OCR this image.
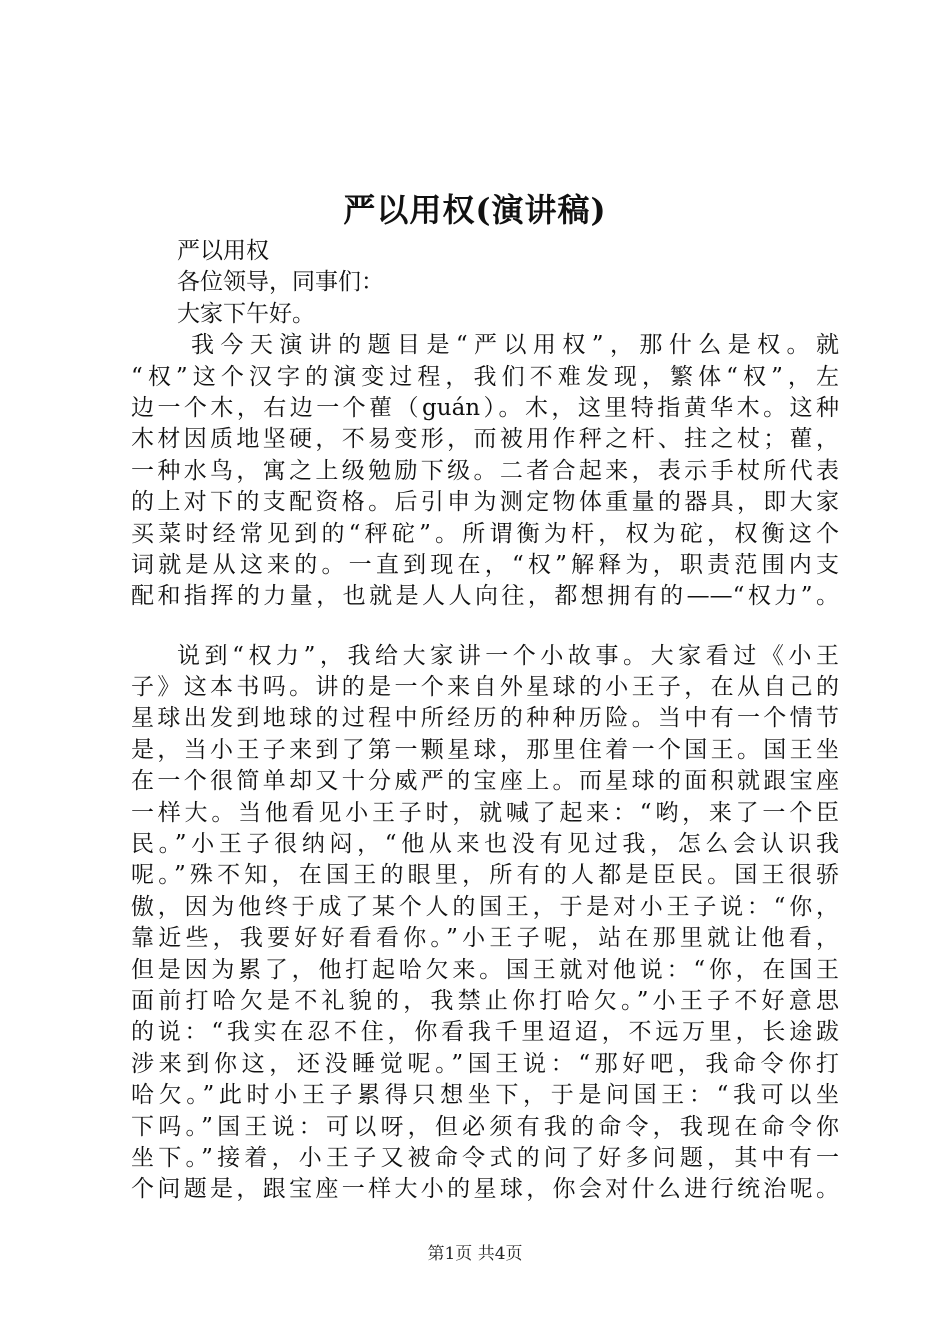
严以用权(演讲稿)
严以用权
各位领导，同事们：
大家下午好。
我今天演讲的题目是“严以用权”，那什么是权。就
“权”这个汉字的演变过程，我们不难发现，繁体“权”，左
边一个木，右边一个雚（guán）。木，这里特指黄华木。这种
木材因质地坚硬，不易变形，而被用作秤之杆、拄之杖；雚，
一种水鸟，寓之上级勉励下级。二者合起来，表示手杖所代表
的上对下的支配资格。后引申为测定物体重量的器具，即大家
买菜时经常见到的“秤砣”。所谓衡为杆，权为砣，权衡这个
词就是从这来的。一直到现在，“权”解释为，职责范围内支
配和指挥的力量，也就是人人向往，都想拥有的——“权力”。
说到“权力”，我给大家讲一个小故事。大家看过《小王
子》这本书吗。讲的是一个来自外星球的小王子，在从自己的
星球出发到地球的过程中所经历的种种历险。当中有一个情节
是，当小王子来到了第一颗星球，那里住着一个国王。国王坐
在一个很简单却又十分威严的宝座上。而星球的面积就跟宝座
一样大。当他看见小王子时，就喊了起来：“哟，来了一个臣
民。”小王子很纳闷，“他从来也没有见过我，怎么会认识我
呢。”殊不知，在国王的眼里，所有的人都是臣民。国王很骄
傲，因为他终于成了某个人的国王，于是对小王子说：“你，
靠近些，我要好好看看你。”小王子呢，站在那里就让他看，
但是因为累了，他打起哈欠来。国王就对他说：“你，在国王
面前打哈欠是不礼貌的，我禁止你打哈欠。”小王子不好意思
的说：“我实在忍不住，你看我千里迢迢，不远万里，长途跋
涉来到你这，还没睡觉呢。”国王说：“那好吧，我命令你打
哈欠。”此时小王子累得只想坐下，于是问国王：“我可以坐
下吗。”国王说：可以呀，但必须有我的命令，我现在命令你
坐下。”接着，小王子又被命令式的问了好多问题，其中有一
个问题是，跟宝座一样大小的星球，你会对什么进行统治呢。
第1页 共4页
